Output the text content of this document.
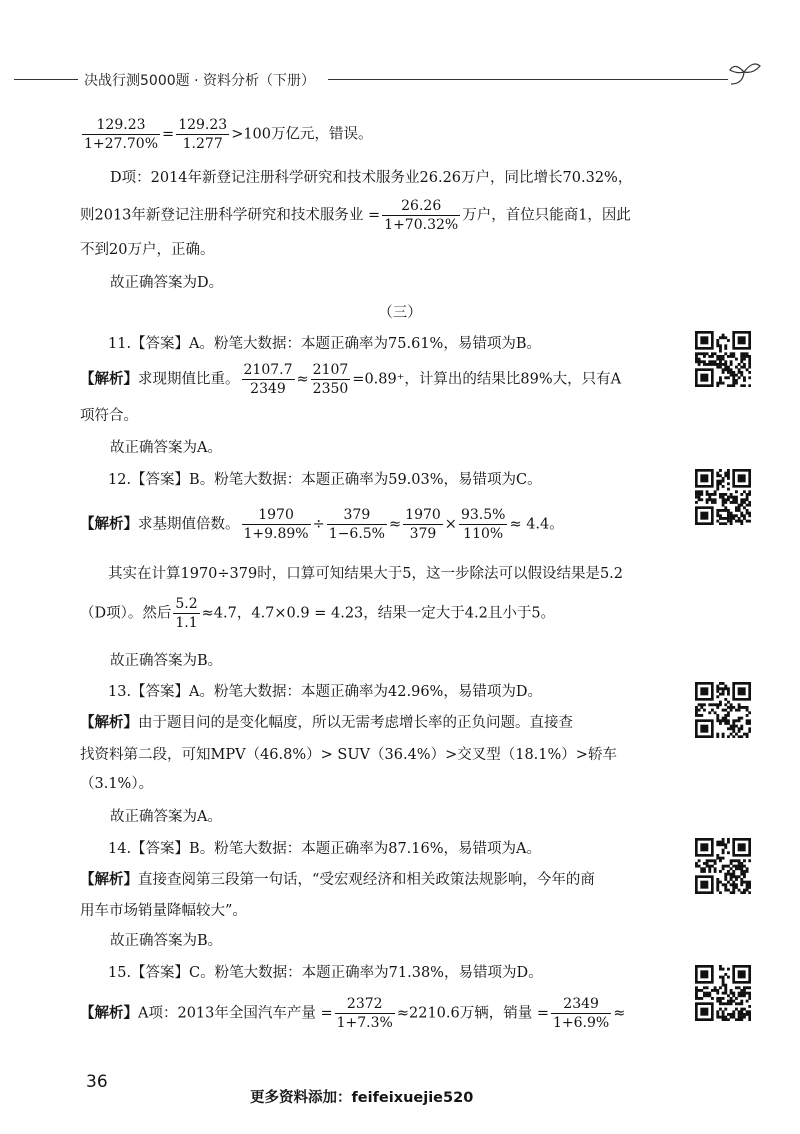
决战行测5000题 · 资料分析（下册）
$\frac{129.23}{1+27.70\%} = \frac{129.23}{1.277} >100$万亿元，错误。
D项：2014年新登记注册科学研究和技术服务业26.26万户，同比增长70.32%，
则2013年新登记注册科学研究和技术服务业 = $\frac{26.26}{1+70.32\%}$ 万户，首位只能商1，因此
不到20万户，正确。
故正确答案为D。
（三）
11.【答案】A。粉笔大数据：本题正确率为75.61%，易错项为B。
【解析】求现期值比重。 $\frac{2107.7}{2349} \approx \frac{2107}{2350} =0.89^+$，计算出的结果比89%大，只有A
项符合。
故正确答案为A。
12.【答案】B。粉笔大数据：本题正确率为59.03%，易错项为C。
【解析】求基期值倍数。 $\frac{1970}{1+9.89\%} \div \frac{379}{1-6.5\%} \approx \frac{1970}{379} \times \frac{93.5\%}{110\%} \approx 4.4$。
其实在计算1970÷379时，口算可知结果大于5，这一步除法可以假设结果是5.2
（D项）。然后 $\frac{5.2}{1.1} \approx 4.7$，4.7×0.9 = 4.23，结果一定大于4.2且小于5。
故正确答案为B。
13.【答案】A。粉笔大数据：本题正确率为42.96%，易错项为D。
【解析】由于题目问的是变化幅度，所以无需考虑增长率的正负问题。直接查
找资料第二段，可知MPV（46.8%）> SUV（36.4%）>交叉型（18.1%）>轿车
（3.1%）。
故正确答案为A。
14.【答案】B。粉笔大数据：本题正确率为87.16%，易错项为A。
【解析】直接查阅第三段第一句话，“受宏观经济和相关政策法规影响，今年的商
用车市场销量降幅较大”。
故正确答案为B。
15.【答案】C。粉笔大数据：本题正确率为71.38%，易错项为D。
【解析】A项：2013年全国汽车产量 = $\frac{2372}{1+7.3\%} \approx 2210.6$万辆，销量 = $\frac{2349}{1+6.9\%}$ ≈
36
更多资料添加：feifeixuejie520
